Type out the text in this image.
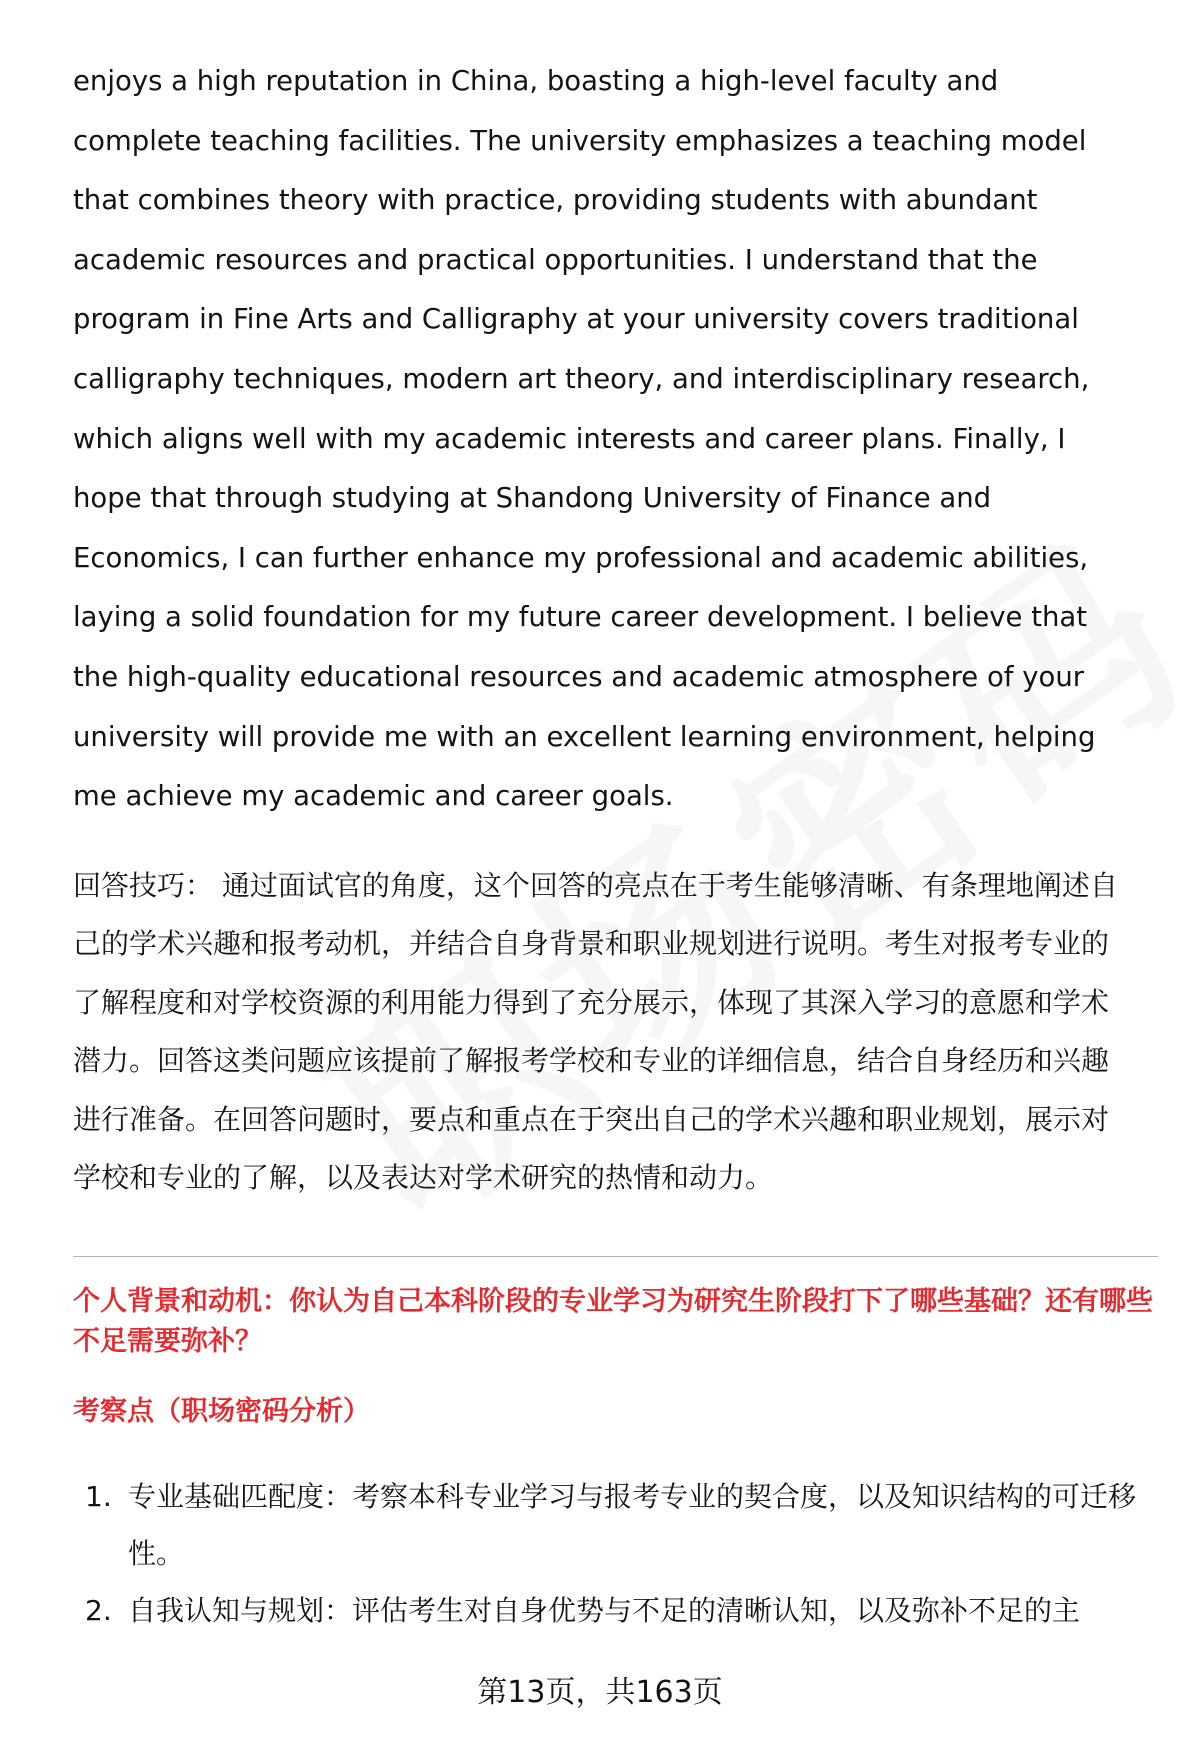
enjoys a high reputation in China, boasting a high-level faculty and complete teaching facilities. The university emphasizes a teaching model that combines theory with practice, providing students with abundant academic resources and practical opportunities. I understand that the program in Fine Arts and Calligraphy at your university covers traditional calligraphy techniques, modern art theory, and interdisciplinary research, which aligns well with my academic interests and career plans. Finally, I hope that through studying at Shandong University of Finance and Economics, I can further enhance my professional and academic abilities, laying a solid foundation for my future career development. I believe that the high-quality educational resources and academic atmosphere of your university will provide me with an excellent learning environment, helping me achieve my academic and career goals.

回答技巧： 通过面试官的角度，这个回答的亮点在于考生能够清晰、有条理地阐述自己的学术兴趣和报考动机，并结合自身背景和职业规划进行说明。考生对报考专业的了解程度和对学校资源的利用能力得到了充分展示，体现了其深入学习的意愿和学术潜力。回答这类问题应该提前了解报考学校和专业的详细信息，结合自身经历和兴趣进行准备。在回答问题时，要点和重点在于突出自己的学术兴趣和职业规划，展示对学校和专业的了解，以及表达对学术研究的热情和动力。

个人背景和动机：你认为自己本科阶段的专业学习为研究生阶段打下了哪些基础？还有哪些不足需要弥补？
考察点（职场密码分析）
1. 专业基础匹配度：考察本科专业学习与报考专业的契合度，以及知识结构的可迁移性。
2. 自我认知与规划：评估考生对自身优势与不足的清晰认知，以及弥补不足的主
第13页，共163页
